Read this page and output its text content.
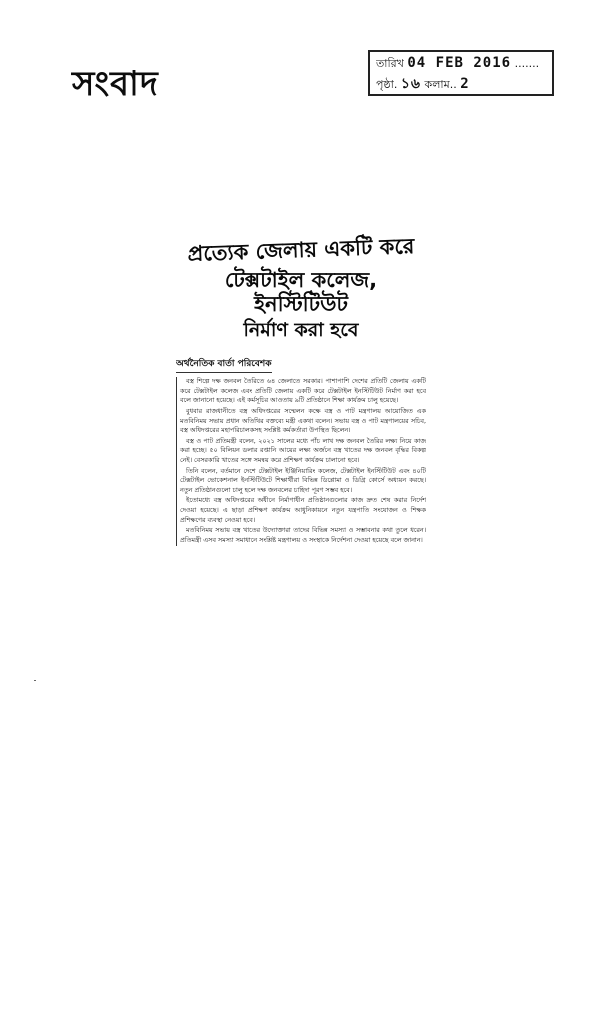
সংবাদ
তারিখ 04 FEB 2016 .......
পৃষ্ঠা. ১৬ কলাম.. 2
প্রত্যেক জেলায় একটি করে
টেক্সটাইল কলেজ, ইনস্টিটিউট
নির্মাণ করা হবে
অর্থনৈতিক বার্তা পরিবেশক

বস্ত্র শিল্পে দক্ষ জনবল তৈরিতে ৬৪ জেলাতে সরকার। পাশাপাশি দেশের প্রতিটি জেলায় একটি করে টেক্সটাইল কলেজ এবং প্রতিটি জেলায় একটি করে টেক্সটাইল ইনস্টিটিউট নির্মাণ করা হবে বলে জানানো হয়েছে। এই কর্মসূচির আওতায় ৯টি প্রতিষ্ঠানে শিক্ষা কার্যক্রম চালু হয়েছে।

বুধবার রাজধানীতে বস্ত্র অধিদপ্তরের সম্মেলন কক্ষে বস্ত্র ও পাট মন্ত্রণালয় আয়োজিত এক মতবিনিময় সভায় প্রধান অতিথির বক্তব্যে মন্ত্রী একথা বলেন। সভায় বস্ত্র ও পাট মন্ত্রণালয়ের সচিব, বস্ত্র অধিদপ্তরের মহাপরিচালকসহ সংশ্লিষ্ট কর্মকর্তারা উপস্থিত ছিলেন।

বস্ত্র ও পাট প্রতিমন্ত্রী বলেন, ২০২১ সালের মধ্যে পাঁচ লাখ দক্ষ জনবল তৈরির লক্ষ্য নিয়ে কাজ করা হচ্ছে। ৫০ বিলিয়ন ডলার রপ্তানি আয়ের লক্ষ্য অর্জনে বস্ত্র খাতের দক্ষ জনবল বৃদ্ধির বিকল্প নেই। বেসরকারি খাতের সঙ্গে সমন্বয় করে প্রশিক্ষণ কার্যক্রম চালানো হবে।

তিনি বলেন, বর্তমানে দেশে টেক্সটাইল ইঞ্জিনিয়ারিং কলেজ, টেক্সটাইল ইনস্টিটিউট এবং ৪০টি টেক্সটাইল ভোকেশনাল ইনস্টিটিউটে শিক্ষার্থীরা বিভিন্ন ডিপ্লোমা ও ডিগ্রি কোর্সে অধ্যয়ন করছে। নতুন প্রতিষ্ঠানগুলো চালু হলে দক্ষ জনবলের চাহিদা পূরণ সম্ভব হবে।

ইতোমধ্যে বস্ত্র অধিদপ্তরের অধীনে নির্মাণাধীন প্রতিষ্ঠানগুলোর কাজ দ্রুত শেষ করার নির্দেশ দেওয়া হয়েছে। এ ছাড়া প্রশিক্ষণ কার্যক্রম আধুনিকায়নে নতুন যন্ত্রপাতি সংযোজন ও শিক্ষক প্রশিক্ষণের ব্যবস্থা নেওয়া হবে।

মতবিনিময় সভায় বস্ত্র খাতের উদ্যোক্তারা তাদের বিভিন্ন সমস্যা ও সম্ভাবনার কথা তুলে ধরেন। প্রতিমন্ত্রী এসব সমস্যা সমাধানে সংশ্লিষ্ট মন্ত্রণালয় ও সংস্থাকে নির্দেশনা দেওয়া হয়েছে বলে জানান।
